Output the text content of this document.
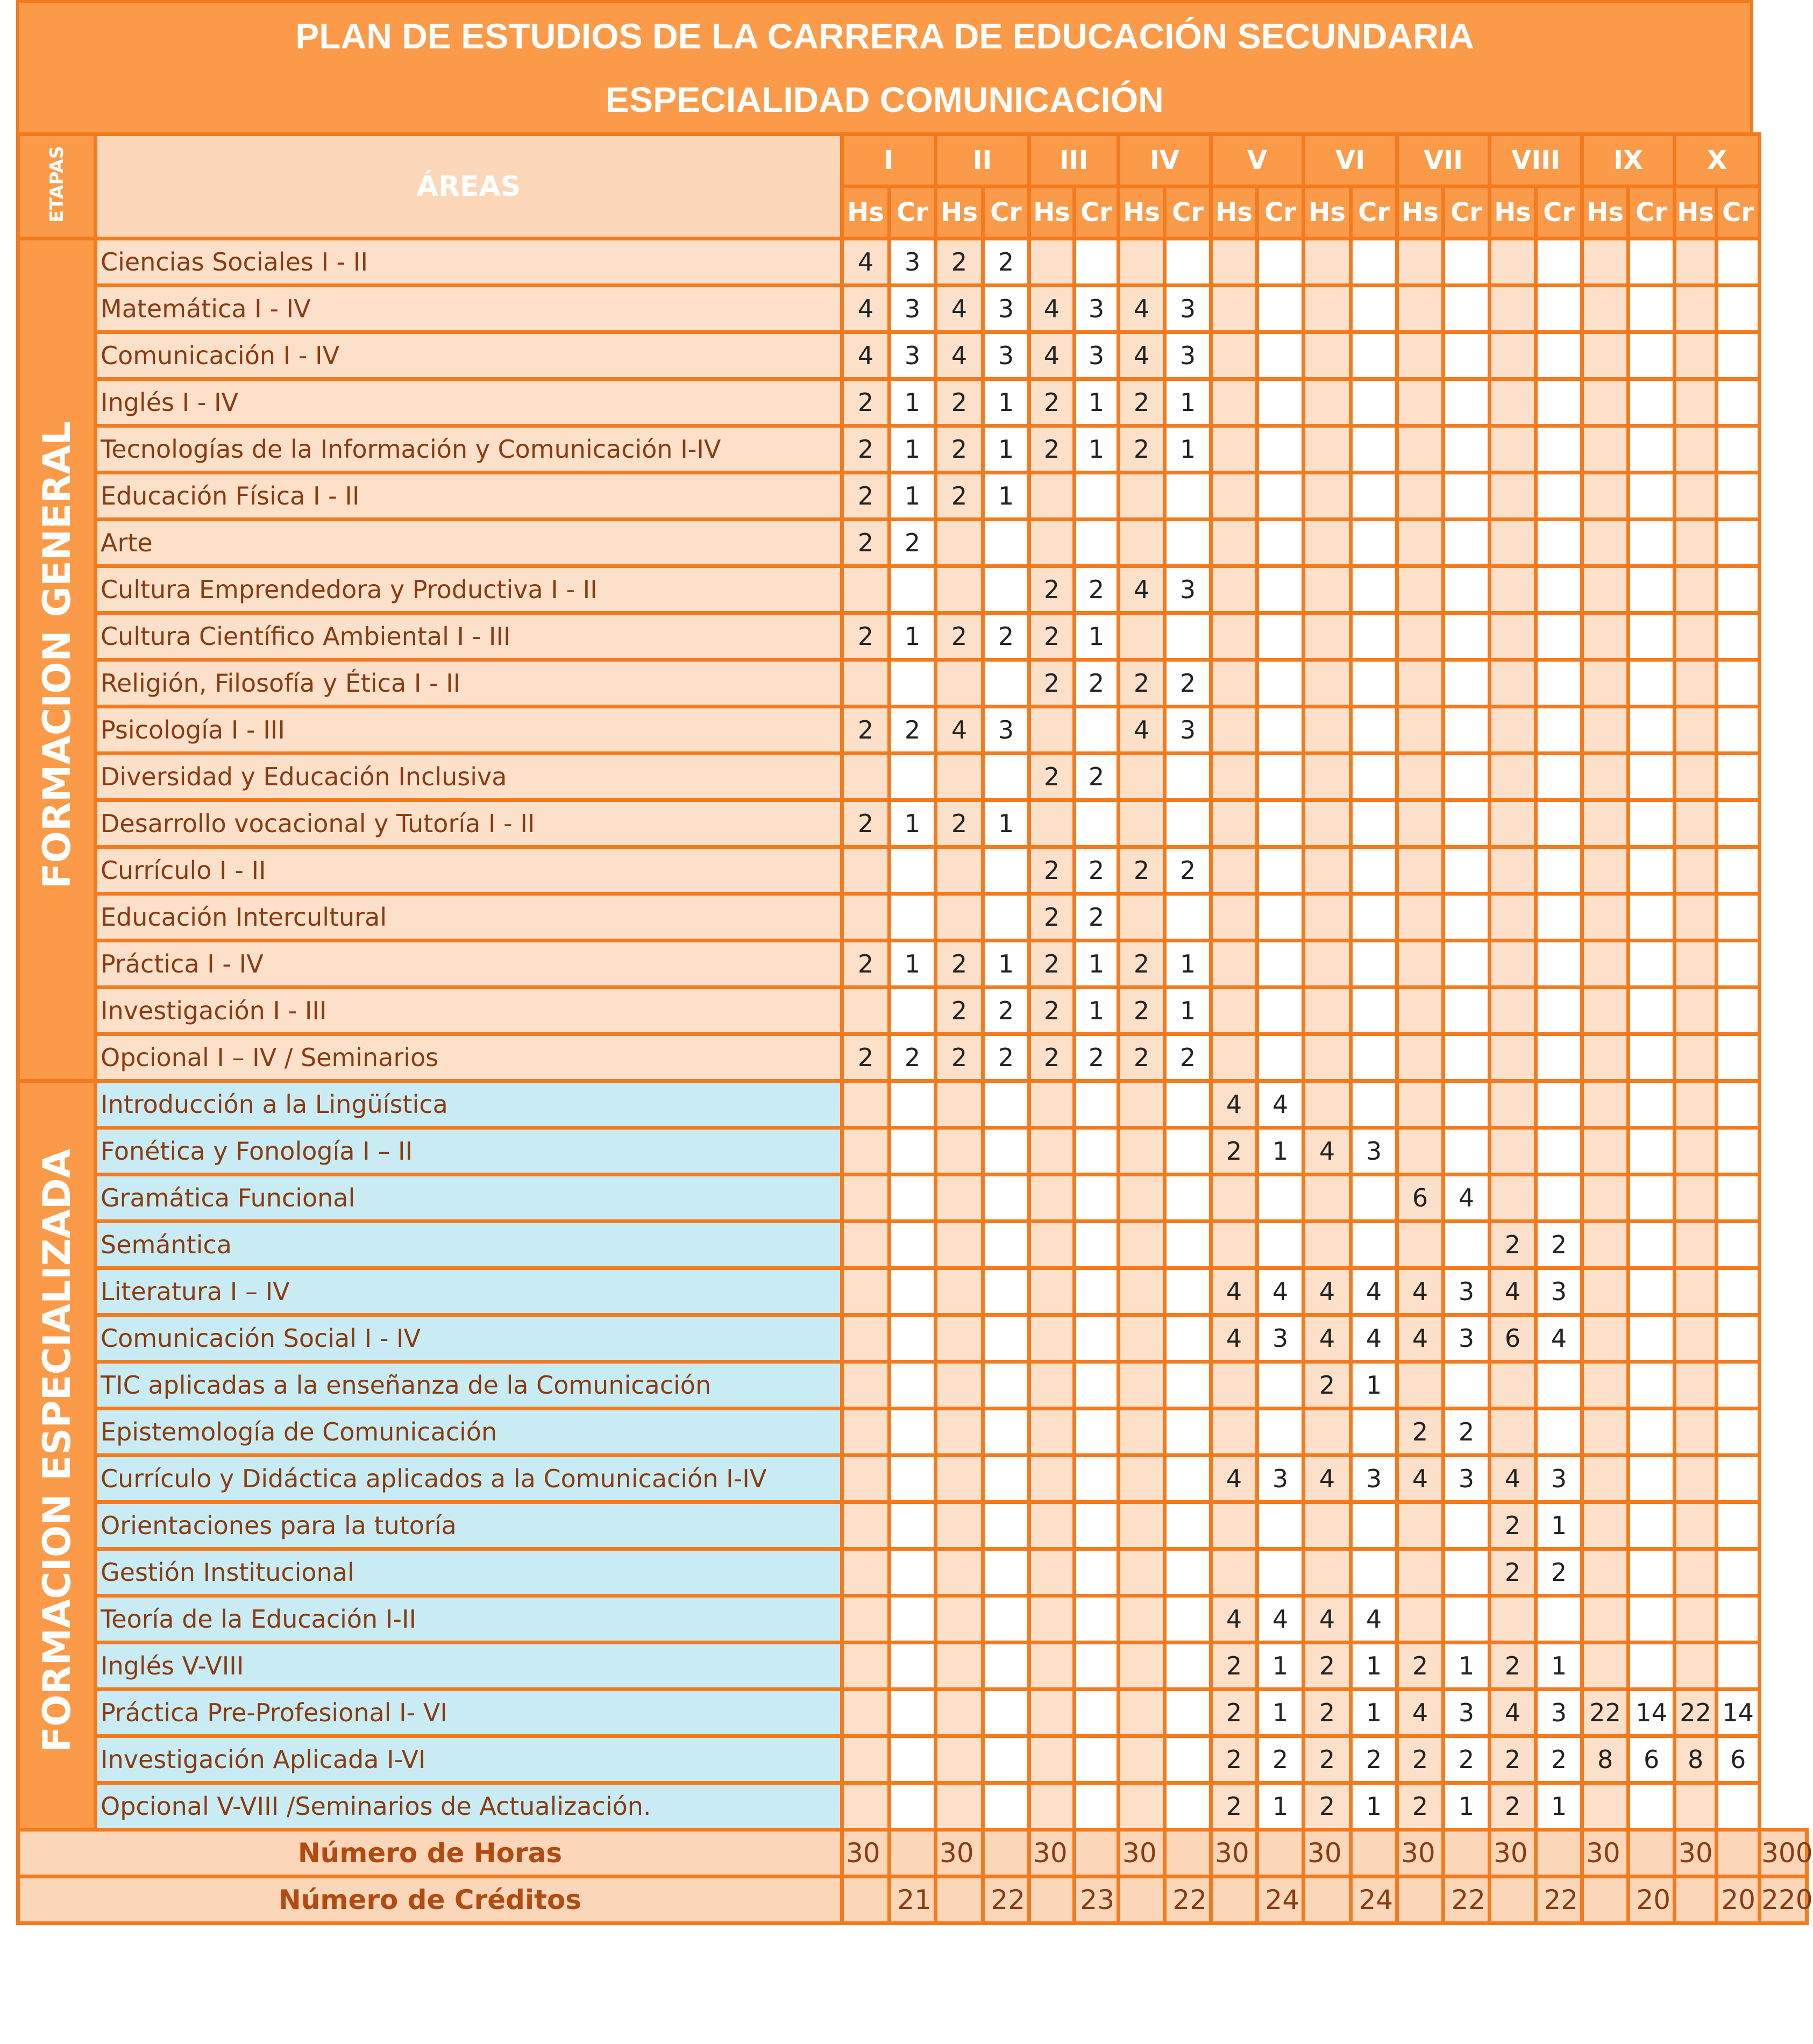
PLAN DE ESTUDIOS DE LA CARRERA DE EDUCACIÓN SECUNDARIA
ESPECIALIDAD COMUNICACIÓN
ETAPAS	ÁREAS	I		II		III		IV		V		VI		VII		VIII		IX		X		
		Hs	Cr	Hs	Cr	Hs	Cr	Hs	Cr	Hs	Cr	Hs	Cr	Hs	Cr	Hs	Cr	Hs	Cr	Hs	Cr	
FORMACION GENERAL	Ciencias Sociales I - II	4	3	2	2																	
	Matemática I - IV	4	3	4	3	4	3	4	3													
	Comunicación I - IV	4	3	4	3	4	3	4	3													
	Inglés I - IV	2	1	2	1	2	1	2	1													
	Tecnologías de la Información y Comunicación I-IV	2	1	2	1	2	1	2	1													
	Educación Física I - II	2	1	2	1																	
	Arte	2	2																			
	Cultura Emprendedora y Productiva I - II					2	2	4	3													
	Cultura Científico Ambiental I - III	2	1	2	2	2	1															
	Religión, Filosofía y Ética I - II					2	2	2	2													
	Psicología I - III	2	2	4	3			4	3													
	Diversidad y Educación Inclusiva					2	2															
	Desarrollo vocacional y Tutoría I - II	2	1	2	1																	
	Currículo I - II					2	2	2	2													
	Educación Intercultural					2	2															
	Práctica I - IV	2	1	2	1	2	1	2	1													
	Investigación I - III			2	2	2	1	2	1													
	Opcional I – IV / Seminarios	2	2	2	2	2	2	2	2													
FORMACION ESPECIALIZADA	Introducción a la Lingüística									4	4											
	Fonética y Fonología I – II									2	1	4	3									
	Gramática Funcional													6	4							
	Semántica															2	2					
	Literatura I – IV									4	4	4	4	4	3	4	3					
	Comunicación Social I - IV									4	3	4	4	4	3	6	4					
	TIC aplicadas a la enseñanza de la Comunicación											2	1									
	Epistemología de Comunicación													2	2							
	Currículo y Didáctica aplicados a la Comunicación I-IV									4	3	4	3	4	3	4	3					
	Orientaciones para la tutoría															2	1					
	Gestión Institucional															2	2					
	Teoría de la Educación I-II									4	4	4	4									
	Inglés V-VIII									2	1	2	1	2	1	2	1					
	Práctica Pre-Profesional I- VI									2	1	2	1	4	3	4	3	22	14	22	14	
	Investigación Aplicada I-VI									2	2	2	2	2	2	2	2	8	6	8	6	
	Opcional V-VIII /Seminarios de Actualización.									2	1	2	1	2	1	2	1					
Número de Horas		30		30		30		30		30		30		30		30		30		30		300
Número de Créditos			21		22		23		22		24		24		22		22		20		20	220
